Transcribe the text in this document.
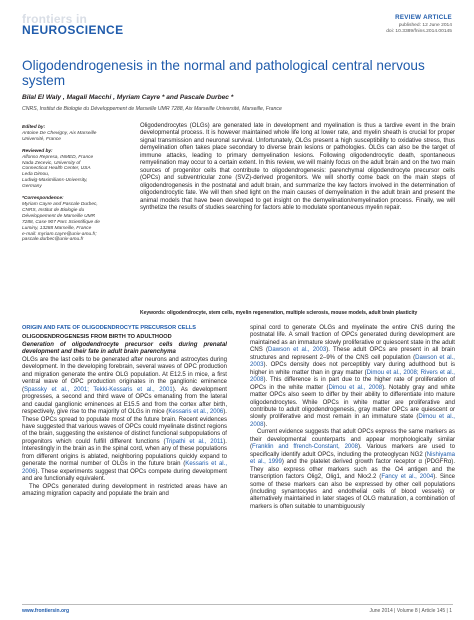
frontiers in
NEUROSCIENCE
REVIEW ARTICLE
published: 12 June 2014
doi: 10.3389/fnins.2014.00145
Oligodendrogenesis in the normal and pathological central nervous system
Bilal El Waly , Magali Macchi , Myriam Cayre * and Pascale Durbec *
CNRS, Institut de Biologie du Développement de Marseille UMR 7288, Aix Marseille Université, Marseille, France
Edited by:
Antoine De Chevigny, Aix Marseille
Université, France
Reviewed by:
Alfonso Represa, INMED, France
Nada Zecevic, University of
Connecticut Health Center, USA
Leda Dimou,
Ludwig-Maximilians-University,
Germany
*Correspondence:
Myriam Cayre and Pascale Durbec,
CNRS, Institut de Biologie du
Développement de Marseille UMR
7288, Case 907 Parc Scientifique de
Luminy, 13288 Marseille, France
e-mail: myriam.cayre@univ-amu.fr;
pascale.durbec@univ-amu.fr
Oligodendrocytes (OLGs) are generated late in development and myelination is thus a tardive event in the brain developmental process. It is however maintained whole life long at lower rate, and myelin sheath is crucial for proper signal transmission and neuronal survival. Unfortunately, OLGs present a high susceptibility to oxidative stress, thus demyelination often takes place secondary to diverse brain lesions or pathologies. OLGs can also be the target of immune attacks, leading to primary demyelination lesions. Following oligodendrocytic death, spontaneous remyelination may occur to a certain extent. In this review, we will mainly focus on the adult brain and on the two main sources of progenitor cells that contribute to oligodendrogenesis: parenchymal oligodendrocyte precursor cells (OPCs) and subventricular zone (SVZ)-derived progenitors. We will shortly come back on the main steps of oligodendrogenesis in the postnatal and adult brain, and summarize the key factors involved in the determination of oligodendrocytic fate. We will then shed light on the main causes of demyelination in the adult brain and present the animal models that have been developed to get insight on the demyelination/remyelination process. Finally, we will synthetize the results of studies searching for factors able to modulate spontaneous myelin repair.
Keywords: oligodendrocyte, stem cells, myelin regeneration, multiple sclerosis, mouse models, adult brain plasticity
ORIGIN AND FATE OF OLIGODENDROCYTE PRECURSOR CELLS
OLIGODENDROGENESIS FROM BIRTH TO ADULTHOOD

Generation of oligodendrocyte precursor cells during prenatal development and their fate in adult brain parenchyma

OLGs are the last cells to be generated after neurons and astrocytes during development. In the developing forebrain, several waves of OPC production and migration generate the entire OLG population. At E12.5 in mice, a first ventral wave of OPC production originates in the ganglionic eminence (Spassky et al., 2001; Tekki-Kessaris et al., 2001). As development progresses, a second and third wave of OPCs emanating from the lateral and caudal ganglionic eminences at E15.5 and from the cortex after birth, respectively, give rise to the majority of OLGs in mice (Kessaris et al., 2006). These OPCs spread to populate most of the future brain. Recent evidences have suggested that various waves of OPCs could myelinate distinct regions of the brain, suggesting the existence of distinct functional subpopulations of progenitors which could fulfill different functions (Tripathi et al., 2011). Interestingly in the brain as in the spinal cord, when any of these populations from different origins is ablated, neighboring populations quickly expand to generate the normal number of OLGs in the future brain (Kessaris et al., 2006). These experiments suggest that OPCs compete during development and are functionally equivalent.

The OPCs generated during development in restricted areas have an amazing migration capacity and populate the brain and

spinal cord to generate OLGs and myelinate the entire CNS during the postnatal life. A small fraction of OPCs generated during development are maintained as an immature slowly proliferative or quiescent state in the adult CNS (Dawson et al., 2003). These adult OPCs are present in all brain structures and represent 2–9% of the CNS cell population (Dawson et al., 2003). OPCs density does not perceptibly vary during adulthood but is higher in white matter than in gray matter (Dimou et al., 2008; Rivers et al., 2008). This difference is in part due to the higher rate of proliferation of OPCs in the white matter (Dimou et al., 2008). Notably gray and white matter OPCs also seem to differ by their ability to differentiate into mature oligodendrocytes. While OPCs in white matter are proliferative and contribute to adult oligodendrogenesis, gray matter OPCs are quiescent or slowly proliferative and most remain in an immature state (Dimou et al., 2008).

Current evidence suggests that adult OPCs express the same markers as their developmental counterparts and appear morphologically similar (Franklin and ffrench-Constant, 2008). Various markers are used to specifically identify adult OPCs, including the proteoglycan NG2 (Nishiyama et al., 1999) and the platelet derived growth factor receptor α (PDGFRα). They also express other markers such as the O4 antigen and the transcription factors Olig2, Olig1, and Nkx2.2 (Fancy et al., 2004). Since some of these markers can also be expressed by other cell populations (including synantocytes and endothelial cells of blood vessels) or alternatively maintained in later stages of OLG maturation, a combination of markers is often suitable to unambiguously

www.frontiersin.org	June 2014 | Volume 8 | Article 145 | 1
